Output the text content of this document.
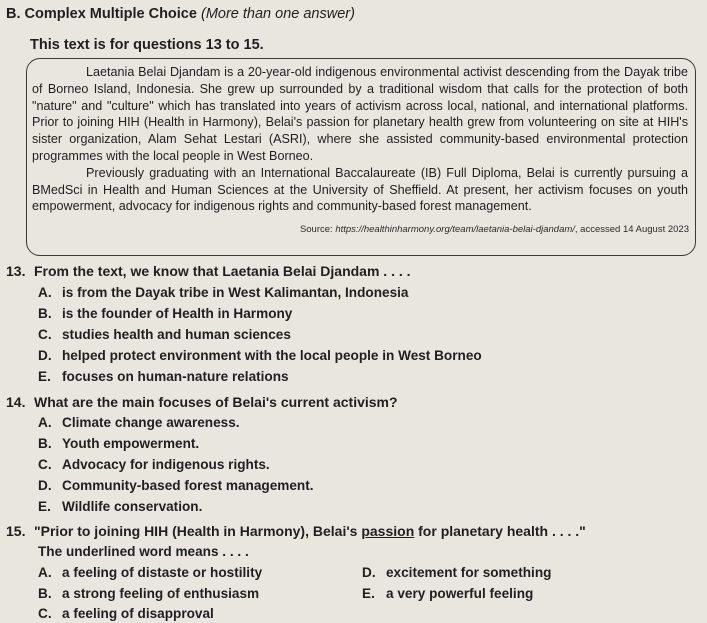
B. Complex Multiple Choice (More than one answer)
This text is for questions 13 to 15.

Laetania Belai Djandam is a 20-year-old indigenous environmental activist descending from the Dayak tribe of Borneo Island, Indonesia. She grew up surrounded by a traditional wisdom that calls for the protection of both "nature" and "culture" which has translated into years of activism across local, national, and international platforms. Prior to joining HIH (Health in Harmony), Belai's passion for planetary health grew from volunteering on site at HIH's sister organization, Alam Sehat Lestari (ASRI), where she assisted community-based environmental protection programmes with the local people in West Borneo.

Previously graduating with an International Baccalaureate (IB) Full Diploma, Belai is currently pursuing a BMedSci in Health and Human Sciences at the University of Sheffield. At present, her activism focuses on youth empowerment, advocacy for indigenous rights and community-based forest management.

Source: https://healthinharmony.org/team/laetania-belai-djandam/, accessed 14 August 2023
13. From the text, we know that Laetania Belai Djandam . . . .
A. is from the Dayak tribe in West Kalimantan, Indonesia
B. is the founder of Health in Harmony
C. studies health and human sciences
D. helped protect environment with the local people in West Borneo
E. focuses on human-nature relations
14. What are the main focuses of Belai's current activism?
A. Climate change awareness.
B. Youth empowerment.
C. Advocacy for indigenous rights.
D. Community-based forest management.
E. Wildlife conservation.
15. "Prior to joining HIH (Health in Harmony), Belai's passion for planetary health . . . ."
The underlined word means . . . .
A. a feeling of distaste or hostility
B. a strong feeling of enthusiasm
C. a feeling of disapproval
D. excitement for something
E. a very powerful feeling
